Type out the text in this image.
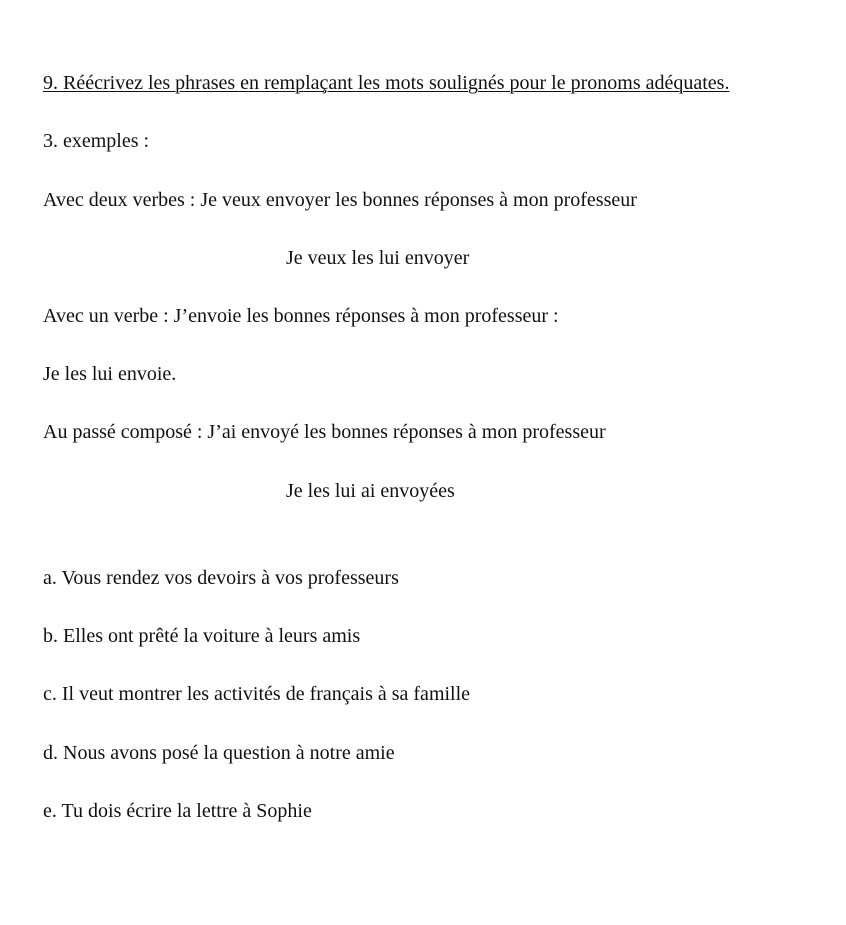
9. Réécrivez les phrases en remplaçant les mots soulignés pour le pronoms adéquates.
3. exemples :
Avec deux verbes : Je veux envoyer les bonnes réponses à mon professeur
Je veux les lui envoyer
Avec un verbe : J’envoie les bonnes réponses à mon professeur :
Je les lui envoie.
Au passé composé : J’ai envoyé les bonnes réponses à mon professeur
Je les lui ai envoyées
a. Vous rendez vos devoirs à vos professeurs
b. Elles ont prêté la voiture à leurs amis
c. Il veut montrer les activités de français à sa famille
d. Nous avons posé la question à notre amie
e. Tu dois écrire la lettre à Sophie
